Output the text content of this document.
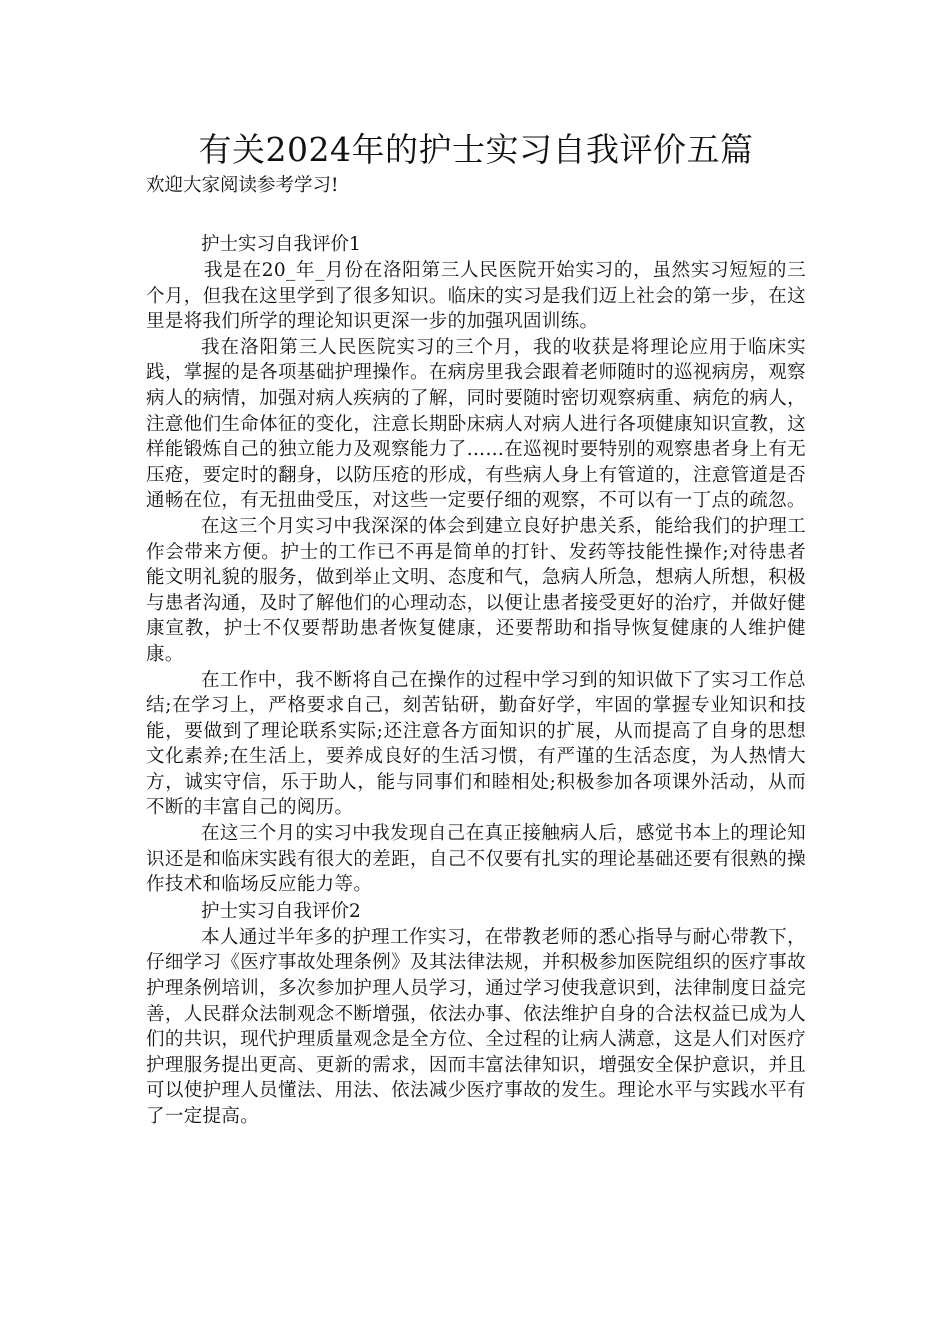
有关2024年的护士实习自我评价五篇

欢迎大家阅读参考学习!

护士实习自我评价1

我是在20_年_月份在洛阳第三人民医院开始实习的，虽然实习短短的三个月，但我在这里学到了很多知识。临床的实习是我们迈上社会的第一步，在这里是将我们所学的理论知识更深一步的加强巩固训练。

我在洛阳第三人民医院实习的三个月，我的收获是将理论应用于临床实践，掌握的是各项基础护理操作。在病房里我会跟着老师随时的巡视病房，观察病人的病情，加强对病人疾病的了解，同时要随时密切观察病重、病危的病人，注意他们生命体征的变化，注意长期卧床病人对病人进行各项健康知识宣教，这样能锻炼自己的独立能力及观察能力了……在巡视时要特别的观察患者身上有无压疮，要定时的翻身，以防压疮的形成，有些病人身上有管道的，注意管道是否通畅在位，有无扭曲受压，对这些一定要仔细的观察，不可以有一丁点的疏忽。

在这三个月实习中我深深的体会到建立良好护患关系，能给我们的护理工作会带来方便。护士的工作已不再是简单的打针、发药等技能性操作;对待患者能文明礼貌的服务，做到举止文明、态度和气，急病人所急，想病人所想，积极与患者沟通，及时了解他们的心理动态，以便让患者接受更好的治疗，并做好健康宣教，护士不仅要帮助患者恢复健康，还要帮助和指导恢复健康的人维护健康。

在工作中，我不断将自己在操作的过程中学习到的知识做下了实习工作总结;在学习上，严格要求自己，刻苦钻研，勤奋好学，牢固的掌握专业知识和技能，要做到了理论联系实际;还注意各方面知识的扩展，从而提高了自身的思想文化素养;在生活上，要养成良好的生活习惯，有严谨的生活态度，为人热情大方，诚实守信，乐于助人，能与同事们和睦相处;积极参加各项课外活动，从而不断的丰富自己的阅历。

在这三个月的实习中我发现自己在真正接触病人后，感觉书本上的理论知识还是和临床实践有很大的差距，自己不仅要有扎实的理论基础还要有很熟的操作技术和临场反应能力等。

护士实习自我评价2

本人通过半年多的护理工作实习，在带教老师的悉心指导与耐心带教下，仔细学习《医疗事故处理条例》及其法律法规，并积极参加医院组织的医疗事故护理条例培训，多次参加护理人员学习，通过学习使我意识到，法律制度日益完善，人民群众法制观念不断增强，依法办事、依法维护自身的合法权益已成为人们的共识，现代护理质量观念是全方位、全过程的让病人满意，这是人们对医疗护理服务提出更高、更新的需求，因而丰富法律知识，增强安全保护意识，并且可以使护理人员懂法、用法、依法减少医疗事故的发生。理论水平与实践水平有了一定提高。
